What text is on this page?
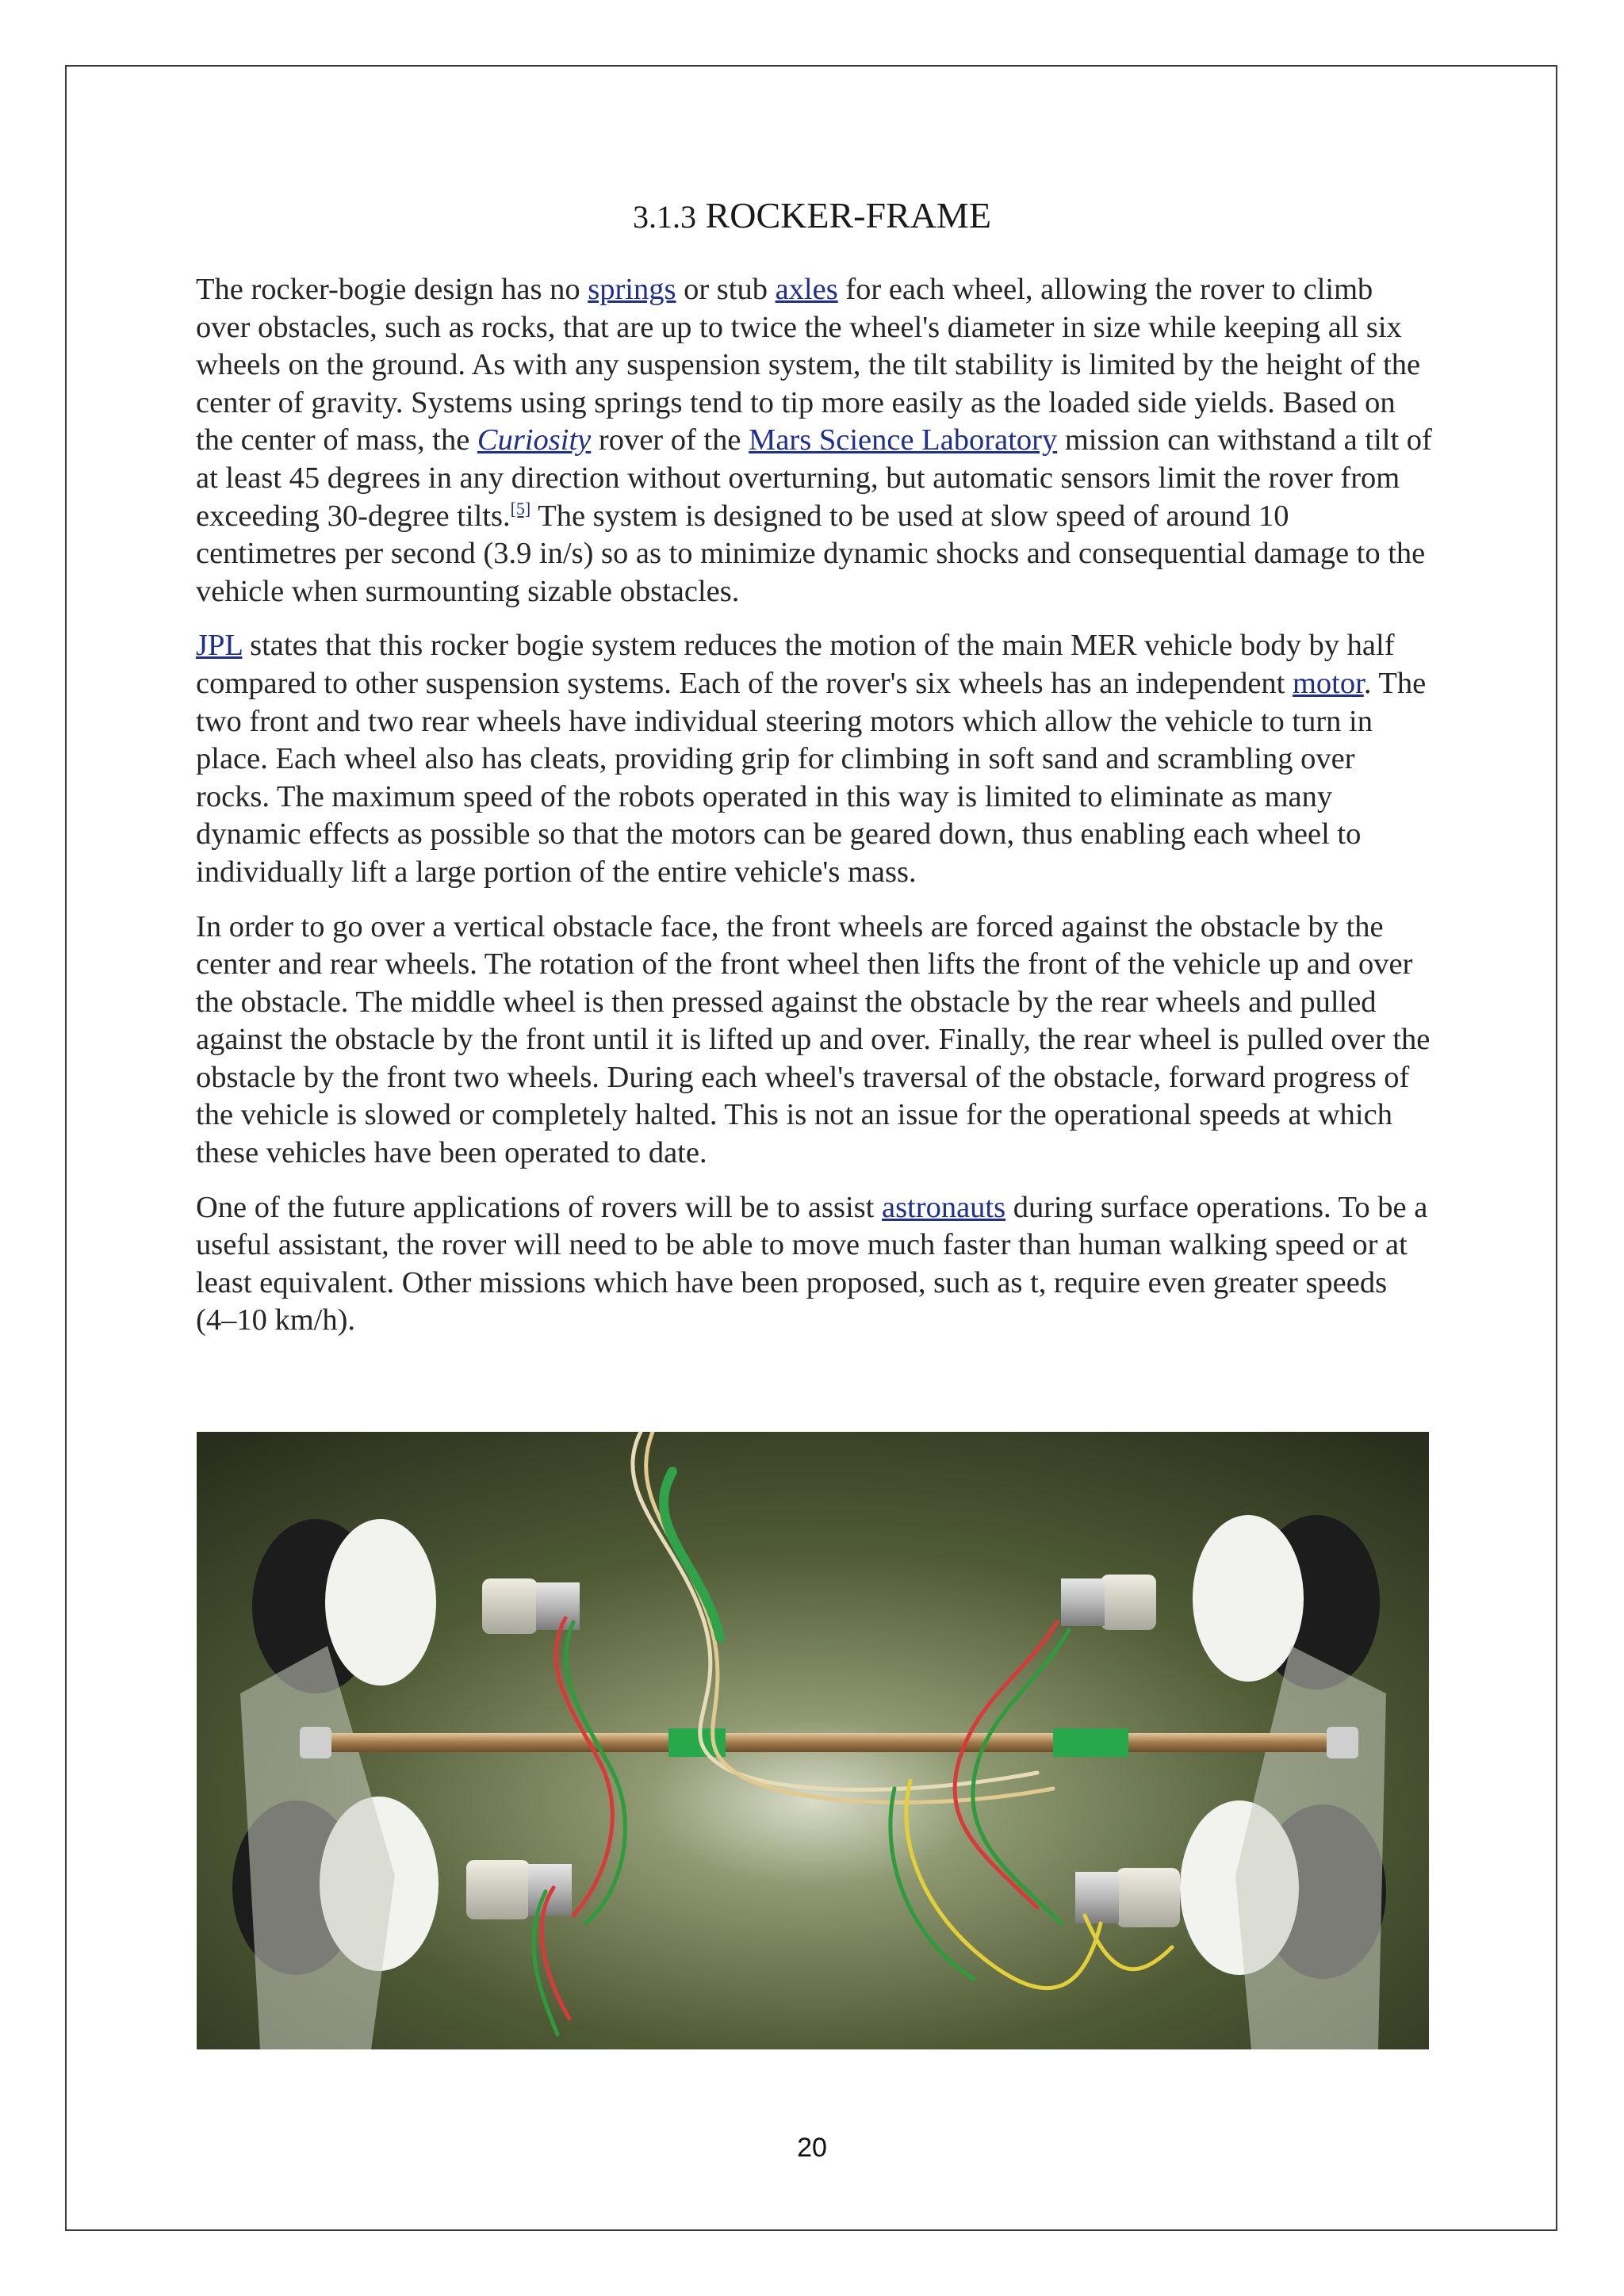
3.1.3 ROCKER-FRAME

The rocker-bogie design has no springs or stub axles for each wheel, allowing the rover to climb over obstacles, such as rocks, that are up to twice the wheel's diameter in size while keeping all six wheels on the ground. As with any suspension system, the tilt stability is limited by the height of the center of gravity. Systems using springs tend to tip more easily as the loaded side yields. Based on the center of mass, the Curiosity rover of the Mars Science Laboratory mission can withstand a tilt of at least 45 degrees in any direction without overturning, but automatic sensors limit the rover from exceeding 30-degree tilts.[5] The system is designed to be used at slow speed of around 10 centimetres per second (3.9 in/s) so as to minimize dynamic shocks and consequential damage to the vehicle when surmounting sizable obstacles.

JPL states that this rocker bogie system reduces the motion of the main MER vehicle body by half compared to other suspension systems. Each of the rover's six wheels has an independent motor. The two front and two rear wheels have individual steering motors which allow the vehicle to turn in place. Each wheel also has cleats, providing grip for climbing in soft sand and scrambling over rocks. The maximum speed of the robots operated in this way is limited to eliminate as many dynamic effects as possible so that the motors can be geared down, thus enabling each wheel to individually lift a large portion of the entire vehicle's mass.

In order to go over a vertical obstacle face, the front wheels are forced against the obstacle by the center and rear wheels. The rotation of the front wheel then lifts the front of the vehicle up and over the obstacle. The middle wheel is then pressed against the obstacle by the rear wheels and pulled against the obstacle by the front until it is lifted up and over. Finally, the rear wheel is pulled over the obstacle by the front two wheels. During each wheel's traversal of the obstacle, forward progress of the vehicle is slowed or completely halted. This is not an issue for the operational speeds at which these vehicles have been operated to date.

One of the future applications of rovers will be to assist astronauts during surface operations. To be a useful assistant, the rover will need to be able to move much faster than human walking speed or at least equivalent. Other missions which have been proposed, such as t, require even greater speeds (4–10 km/h).

20
